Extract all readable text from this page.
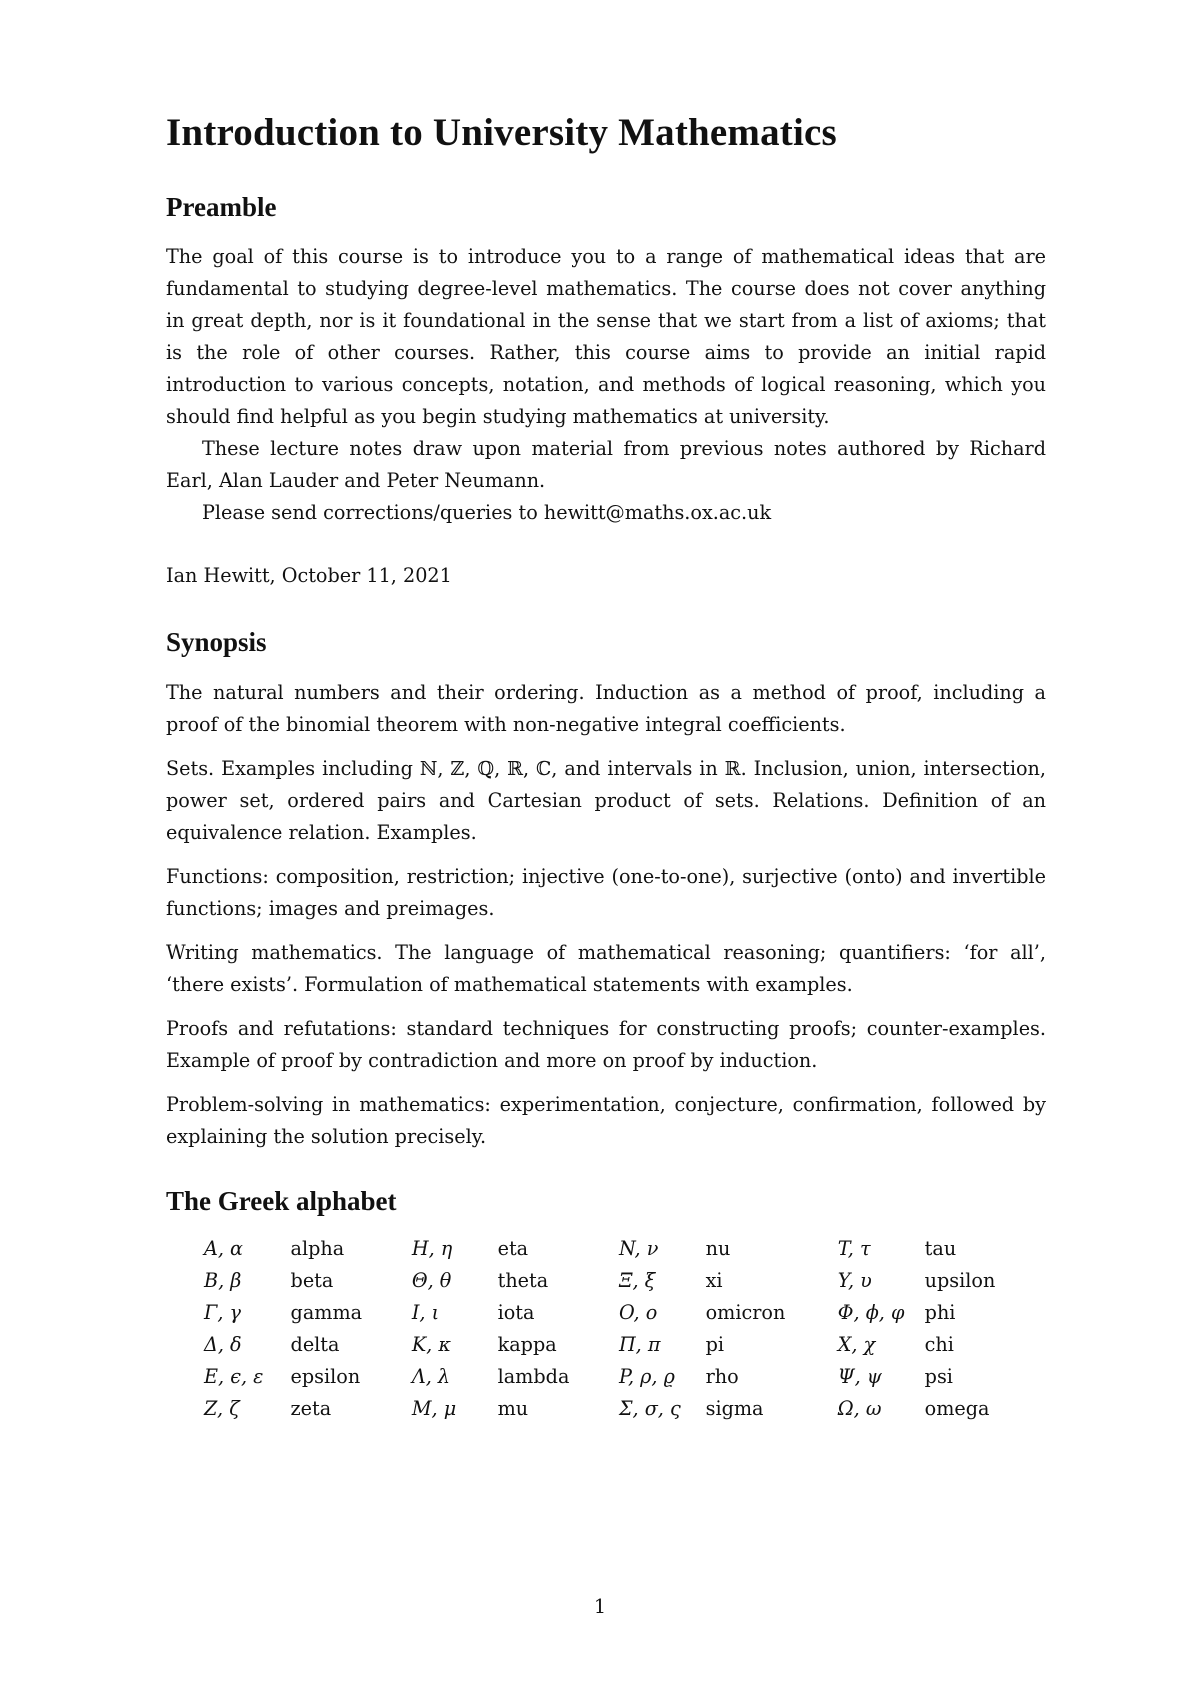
Introduction to University Mathematics
Preamble

The goal of this course is to introduce you to a range of mathematical ideas that are fundamental to studying degree-level mathematics. The course does not cover anything in great depth, nor is it foundational in the sense that we start from a list of axioms; that is the role of other courses. Rather, this course aims to provide an initial rapid introduction to various concepts, notation, and methods of logical reasoning, which you should find helpful as you begin studying mathematics at university.

These lecture notes draw upon material from previous notes authored by Richard Earl, Alan Lauder and Peter Neumann.

Please send corrections/queries to hewitt@maths.ox.ac.uk

Ian Hewitt, October 11, 2021

Synopsis

The natural numbers and their ordering. Induction as a method of proof, including a proof of the binomial theorem with non-negative integral coefficients.

Sets. Examples including ℕ, ℤ, ℚ, ℝ, ℂ, and intervals in ℝ. Inclusion, union, intersection, power set, ordered pairs and Cartesian product of sets. Relations. Definition of an equivalence relation. Examples.

Functions: composition, restriction; injective (one-to-one), surjective (onto) and invertible functions; images and preimages.

Writing mathematics. The language of mathematical reasoning; quantifiers: ‘for all’, ‘there exists’. Formulation of mathematical statements with examples.

Proofs and refutations: standard techniques for constructing proofs; counter-examples. Example of proof by contradiction and more on proof by induction.

Problem-solving in mathematics: experimentation, conjecture, confirmation, followed by explaining the solution precisely.

The Greek alphabet
A, α	alpha	H, η	eta	N, ν	nu	T, τ	tau
B, β	beta	Θ, θ	theta	Ξ, ξ	xi	Y, υ	upsilon
Γ, γ	gamma	I, ι	iota	O, o	omicron	Φ, ϕ, φ	phi
Δ, δ	delta	K, κ	kappa	Π, π	pi	X, χ	chi
E, ϵ, ε	epsilon	Λ, λ	lambda	P, ρ, ϱ	rho	Ψ, ψ	psi
Z, ζ	zeta	M, μ	mu	Σ, σ, ς	sigma	Ω, ω	omega
1
